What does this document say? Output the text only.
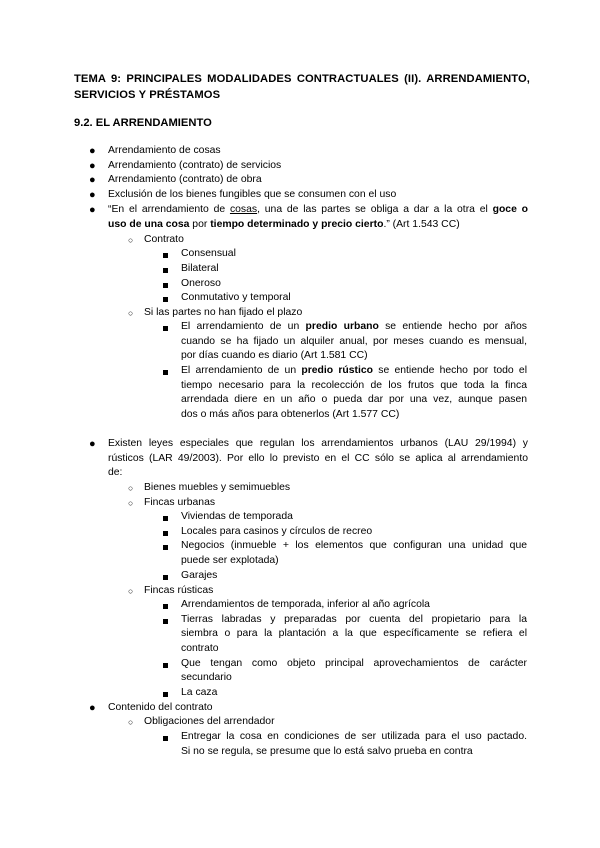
TEMA 9: PRINCIPALES MODALIDADES CONTRACTUALES (II). ARRENDAMIENTO,
SERVICIOS Y PRÉSTAMOS
9.2. EL ARRENDAMIENTO
● Arrendamiento de cosas
● Arrendamiento (contrato) de servicios
● Arrendamiento (contrato) de obra
● Exclusión de los bienes fungibles que se consumen con el uso
● “En el arrendamiento de cosas, una de las partes se obliga a dar a la otra el goce o
uso de una cosa por tiempo determinado y precio cierto.” (Art 1.543 CC)
○ Contrato
Consensual
Bilateral
Oneroso
Conmutativo y temporal
○ Si las partes no han fijado el plazo
El arrendamiento de un predio urbano se entiende hecho por años
cuando se ha fijado un alquiler anual, por meses cuando es mensual,
por días cuando es diario (Art 1.581 CC)
El arrendamiento de un predio rústico se entiende hecho por todo el
tiempo necesario para la recolección de los frutos que toda la finca
arrendada diere en un año o pueda dar por una vez, aunque pasen
dos o más años para obtenerlos (Art 1.577 CC)
● Existen leyes especiales que regulan los arrendamientos urbanos (LAU 29/1994) y
rústicos (LAR 49/2003). Por ello lo previsto en el CC sólo se aplica al arrendamiento
de:
○ Bienes muebles y semimuebles
○ Fincas urbanas
Viviendas de temporada
Locales para casinos y círculos de recreo
Negocios (inmueble + los elementos que configuran una unidad que
puede ser explotada)
Garajes
○ Fincas rústicas
Arrendamientos de temporada, inferior al año agrícola
Tierras labradas y preparadas por cuenta del propietario para la
siembra o para la plantación a la que específicamente se refiera el
contrato
Que tengan como objeto principal aprovechamientos de carácter
secundario
La caza
● Contenido del contrato
○ Obligaciones del arrendador
Entregar la cosa en condiciones de ser utilizada para el uso pactado.
Si no se regula, se presume que lo está salvo prueba en contra
